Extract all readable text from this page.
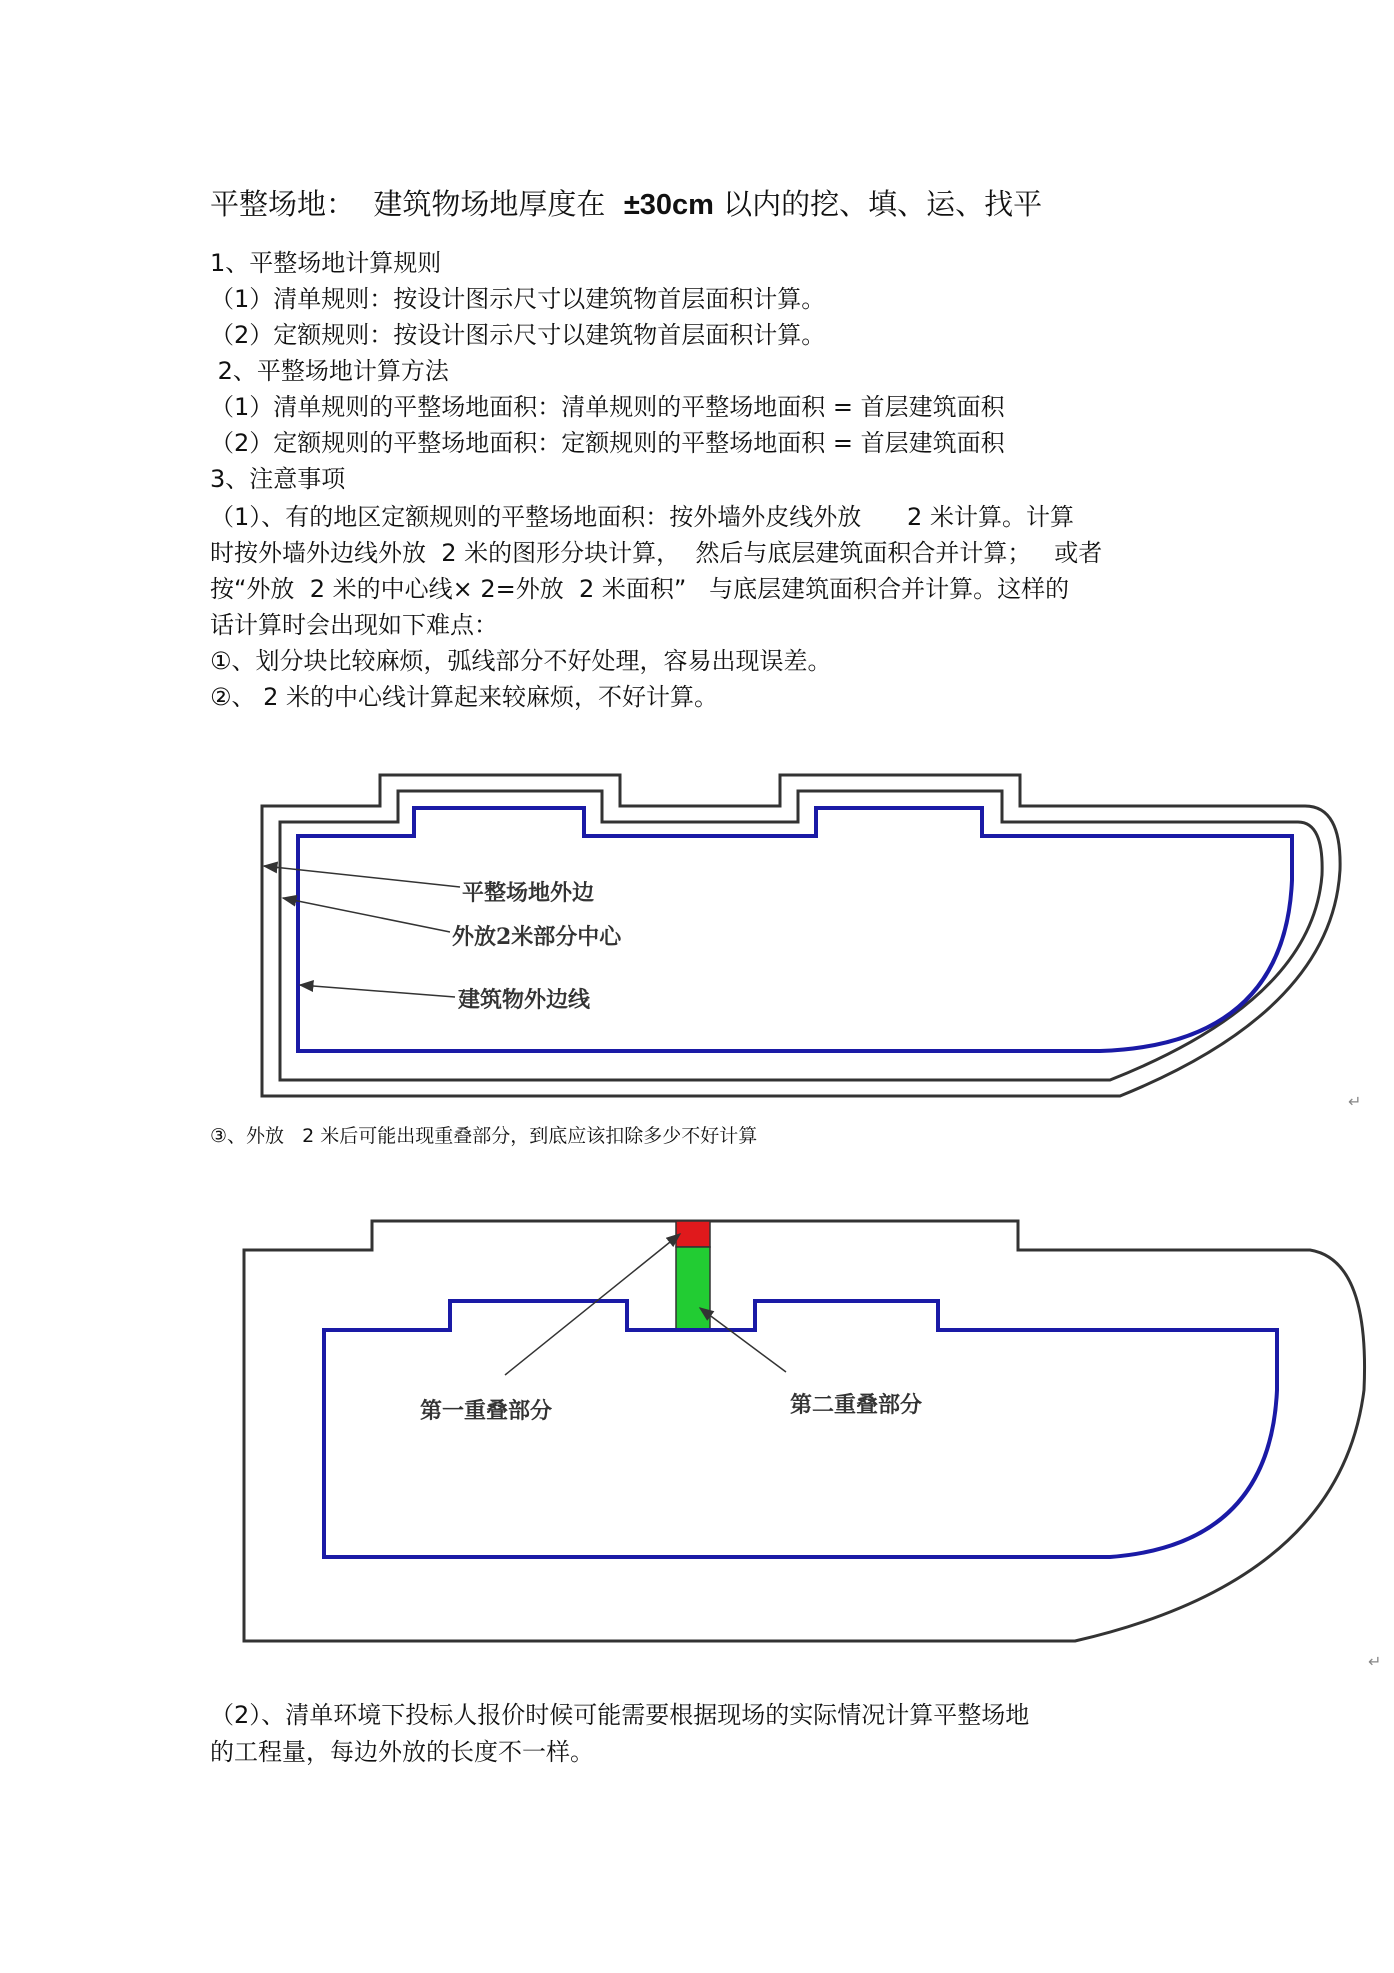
平整场地：  建筑物场地厚度在  ±30cm 以内的挖、填、运、找平
1、平整场地计算规则
（1）清单规则：按设计图示尺寸以建筑物首层面积计算。
（2）定额规则：按设计图示尺寸以建筑物首层面积计算。
2、平整场地计算方法
（1）清单规则的平整场地面积：清单规则的平整场地面积 = 首层建筑面积
（2）定额规则的平整场地面积：定额规则的平整场地面积 = 首层建筑面积
3、注意事项
（1）、有的地区定额规则的平整场地面积：按外墙外皮线外放      2 米计算。计算
时按外墙外边线外放  2 米的图形分块计算，  然后与底层建筑面积合并计算；   或者
按“外放  2 米的中心线× 2=外放  2 米面积”   与底层建筑面积合并计算。这样的
话计算时会出现如下难点：
①、划分块比较麻烦，弧线部分不好处理，容易出现误差。
②、 2 米的中心线计算起来较麻烦，不好计算。
③、外放   2 米后可能出现重叠部分，到底应该扣除多少不好计算
（2）、清单环境下投标人报价时候可能需要根据现场的实际情况计算平整场地
的工程量，每边外放的长度不一样。
↵
↵
平整场地外边
外放2米部分中心
建筑物外边线
第一重叠部分	第二重叠部分
